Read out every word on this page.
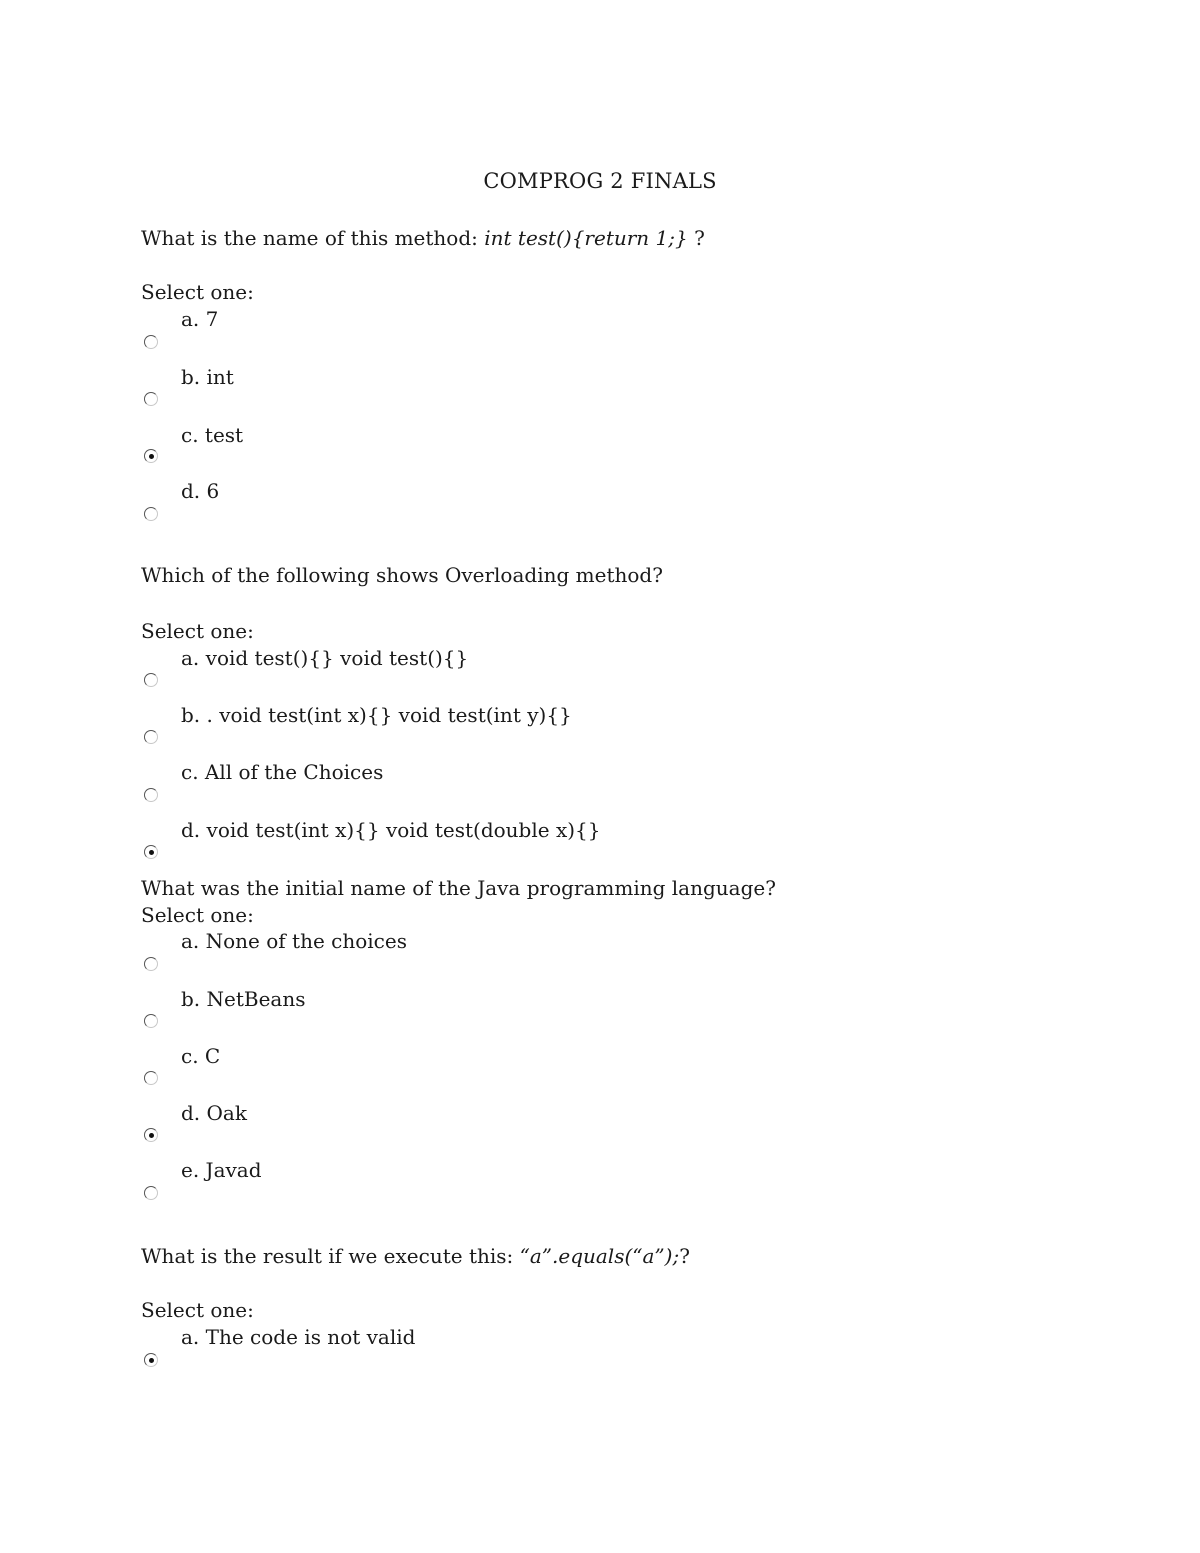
COMPROG 2 FINALS
What is the name of this method: int test(){return 1;} ?
Select one:
a. 7
b. int
c. test
d. 6
Which of the following shows Overloading method?
Select one:
a. void test(){} void test(){}
b. . void test(int x){} void test(int y){}
c. All of the Choices
d. void test(int x){} void test(double x){}
What was the initial name of the Java programming language?
Select one:
a. None of the choices
b. NetBeans
c. C
d. Oak
e. Javad
What is the result if we execute this: “a”.equals(“a”);?
Select one:
a. The code is not valid
